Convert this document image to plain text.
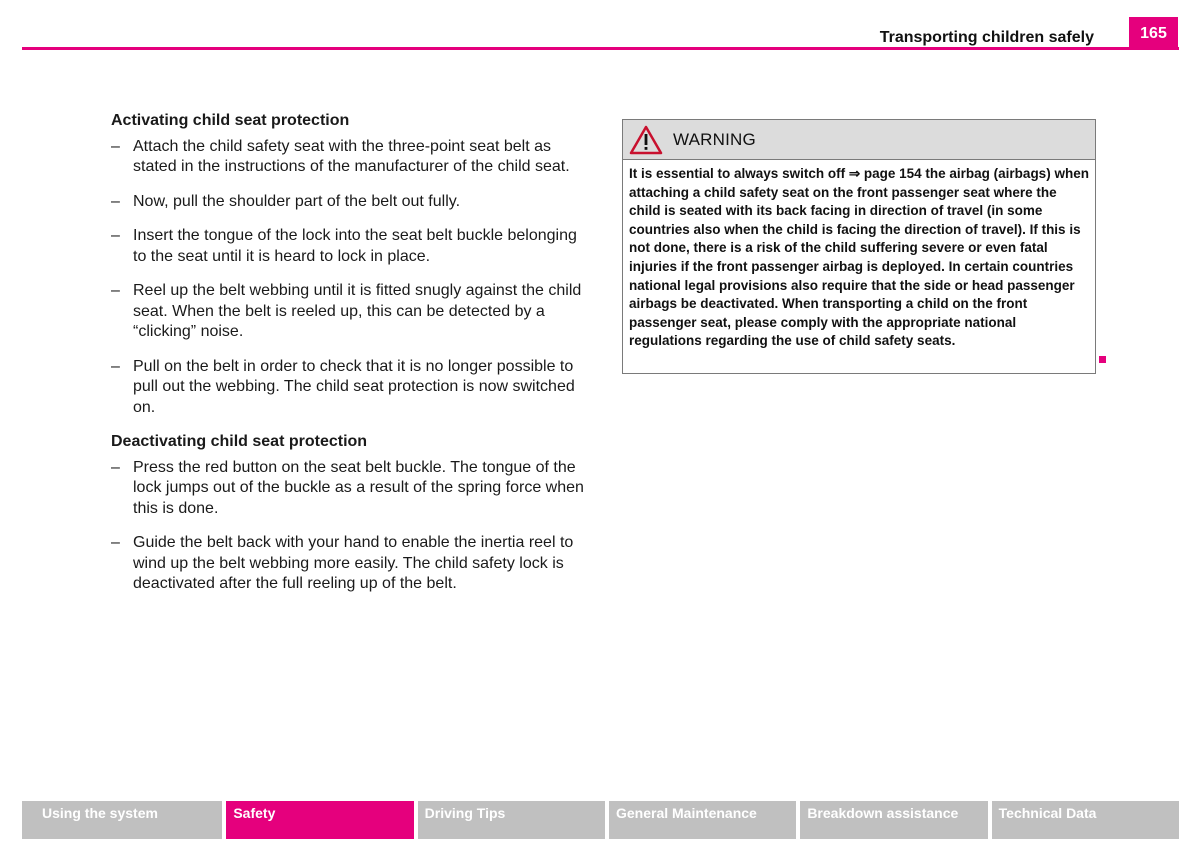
Transporting children safely	165
Activating child seat protection
– Attach the child safety seat with the three-point seat belt as stated in the instructions of the manufacturer of the child seat.
– Now, pull the shoulder part of the belt out fully.
– Insert the tongue of the lock into the seat belt buckle belonging to the seat until it is heard to lock in place.
– Reel up the belt webbing until it is fitted snugly against the child seat. When the belt is reeled up, this can be detected by a “clicking” noise.
– Pull on the belt in order to check that it is no longer possible to pull out the webbing. The child seat protection is now switched on.
Deactivating child seat protection
– Press the red button on the seat belt buckle. The tongue of the lock jumps out of the buckle as a result of the spring force when this is done.
– Guide the belt back with your hand to enable the inertia reel to wind up the belt webbing more easily. The child safety lock is deactivated after the full reeling up of the belt.
WARNING
It is essential to always switch off ⇒ page 154 the airbag (airbags) when attaching a child safety seat on the front passenger seat where the child is seated with its back facing in direction of travel (in some countries also when the child is facing the direction of travel). If this is not done, there is a risk of the child suffering severe or even fatal injuries if the front passenger airbag is deployed. In certain countries national legal provisions also require that the side or head passenger airbags be deactivated. When transporting a child on the front passenger seat, please comply with the appropriate national regulations regarding the use of child safety seats.
Using the system	Safety	Driving Tips	General Maintenance	Breakdown assistance	Technical Data
